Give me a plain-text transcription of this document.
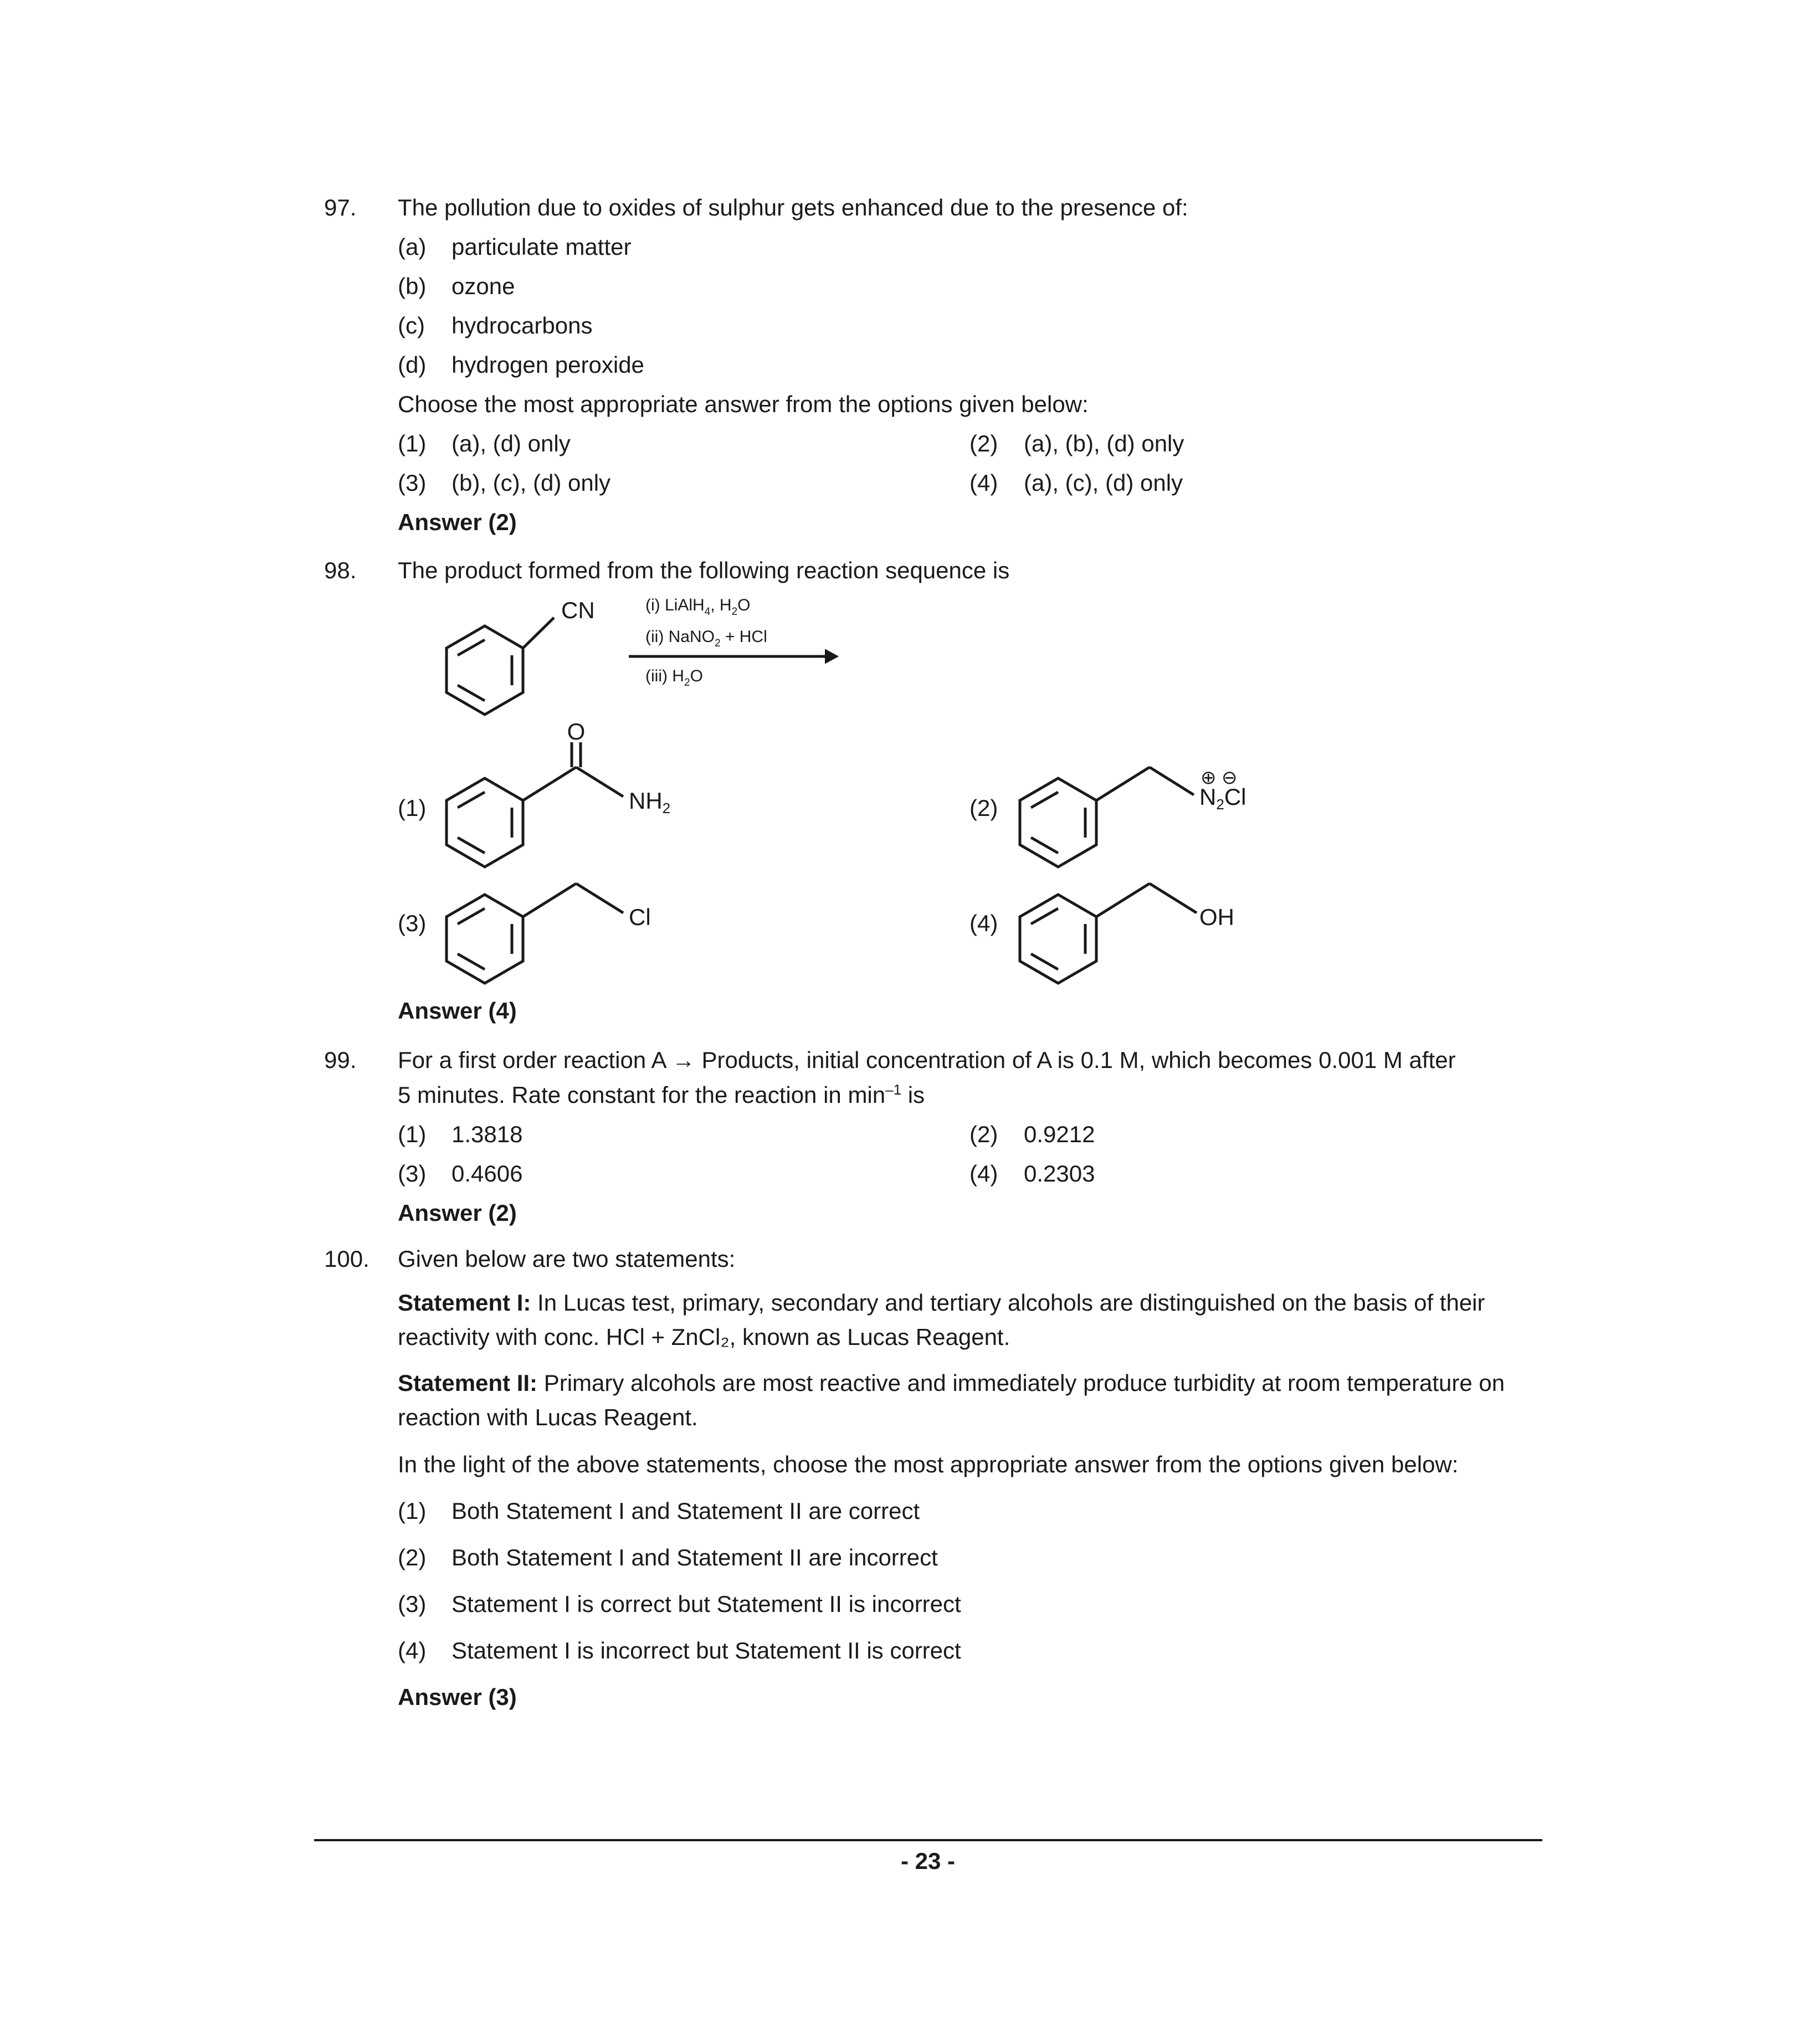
97. The pollution due to oxides of sulphur gets enhanced due to the presence of:
(a) particulate matter
(b) ozone
(c) hydrocarbons
(d) hydrogen peroxide
Choose the most appropriate answer from the options given below:
(1) (a), (d) only	(2) (a), (b), (d) only
(3) (b), (c), (d) only	(4) (a), (c), (d) only
Answer (2)
98. The product formed from the following reaction sequence is
CN	(i) LiAlH$_4$, $H_2O$
(ii) NaNO$_2$ + HCl
(iii) $H_2O$
(1)
O
NH2	(2)	N2Cl
⊕ ⊖
(3)	Cl	(4)	OH
Answer (4)
99. For a first order reaction A → Products, initial concentration of A is 0.1 M, which becomes 0.001 M after
5 minutes. Rate constant for the reaction in $\min^{-1}$ is
(1) 1.3818	(2) 0.9212
(3) 0.4606	(4) 0.2303
Answer (2)
100. Given below are two statements:
Statement I: In Lucas test, primary, secondary and tertiary alcohols are distinguished on the basis of their reactivity with conc. HCl + ZnCl₂, known as Lucas Reagent.
Statement II: Primary alcohols are most reactive and immediately produce turbidity at room temperature on reaction with Lucas Reagent.
In the light of the above statements, choose the most appropriate answer from the options given below:
(1) Both Statement I and Statement II are correct
(2) Both Statement I and Statement II are incorrect
(3) Statement I is correct but Statement II is incorrect
(4) Statement I is incorrect but Statement II is correct
Answer (3)
- 23 -
